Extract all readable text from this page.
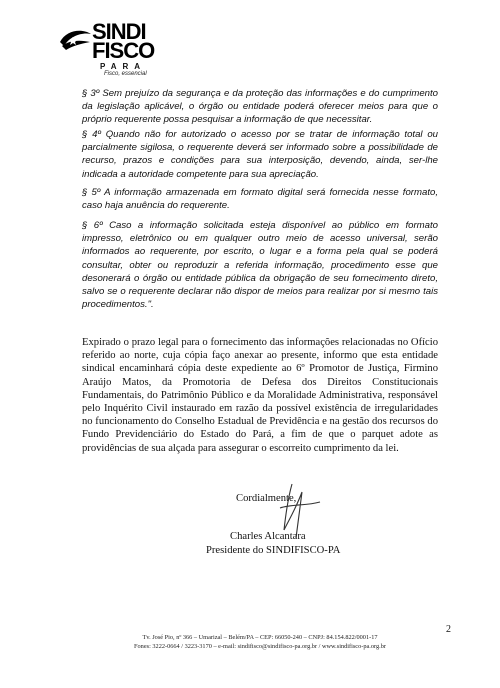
SINDI
FISCO
PARA
Fisco, essencial

§ 3º Sem prejuízo da segurança e da proteção das informações e do cumprimento da legislação aplicável, o órgão ou entidade poderá oferecer meios para que o próprio requerente possa pesquisar a informação de que necessitar.

§ 4º Quando não for autorizado o acesso por se tratar de informação total ou parcialmente sigilosa, o requerente deverá ser informado sobre a possibilidade de recurso, prazos e condições para sua interposição, devendo, ainda, ser-lhe indicada a autoridade competente para sua apreciação.

§ 5º A informação armazenada em formato digital será fornecida nesse formato, caso haja anuência do requerente.

§ 6º Caso a informação solicitada esteja disponível ao público em formato impresso, eletrônico ou em qualquer outro meio de acesso universal, serão informados ao requerente, por escrito, o lugar e a forma pela qual se poderá consultar, obter ou reproduzir a referida informação, procedimento esse que desonerará o órgão ou entidade pública da obrigação de seu fornecimento direto, salvo se o requerente declarar não dispor de meios para realizar por si mesmo tais procedimentos.".

Expirado o prazo legal para o fornecimento das informações relacionadas no Ofício referido ao norte, cuja cópia faço anexar ao presente, informo que esta entidade sindical encaminhará cópia deste expediente ao 6º Promotor de Justiça, Firmino Araújo Matos, da Promotoria de Defesa dos Direitos Constitucionais Fundamentais, do Patrimônio Público e da Moralidade Administrativa, responsável pelo Inquérito Civil instaurado em razão da possível existência de irregularidades no funcionamento do Conselho Estadual de Previdência e na gestão dos recursos do Fundo Previdenciário do Estado do Pará, a fim de que o parquet adote as providências de sua alçada para assegurar o escorreito cumprimento da lei.

Cordialmente,
Charles Alcantara
Presidente do SINDIFISCO-PA
2
Tv. José Pio, nº 366 – Umarizal – Belém/PA – CEP: 66050-240 – CNPJ: 84.154.822/0001-17
Fones: 3222-0664 / 3223-3170 – e-mail: sindifisco@sindifisco-pa.org.br / www.sindifisco-pa.org.br
